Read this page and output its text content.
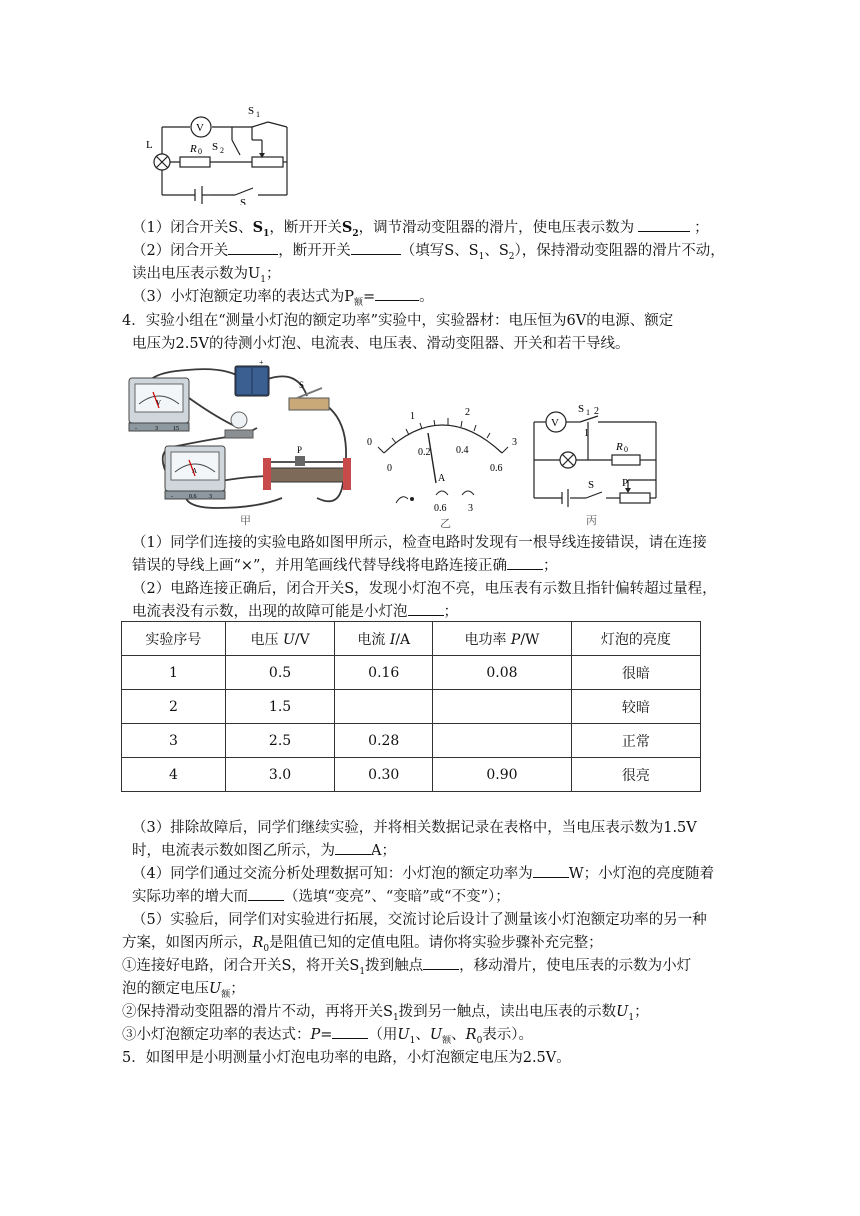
V
L	R 0
S 1
S 2
S
（1）闭合开关S、$S_1$，断开开关$S_2$，调节滑动变阻器的滑片，使电压表示数为	；
（2）闭合开关	，断开开关	（填写S、$S_1$、$S_2$），保持滑动变阻器的滑片不动，
读出电压表示数为$U_1$；
（3）小灯泡额定功率的表达式为$P_额=$	。
4．实验小组在“测量小灯泡的额定功率”实验中，实验器材：电压恒为6V的电源、额定
电压为2.5V的待测小灯泡、电流表、电压表、滑动变阻器、开关和若干导线。
V
-	3	15
+
S
A
-	0.6 3
P
甲
0
1	2
3
0
0.2	0.4
0.6
A
0.6 3
乙
V
R 0
S 1 2
1
S	P
丙
（1）同学们连接的实验电路如图甲所示，检查电路时发现有一根导线连接错误，请在连接
错误的导线上画“×”，并用笔画线代替导线将电路连接正确 ；
（2）电路连接正确后，闭合开关S，发现小灯泡不亮，电压表有示数且指针偏转超过量程，
电流表没有示数，出现的故障可能是小灯泡 ；
实验序号	电压 U/V	电流 I/A	电功率 P/W	灯泡的亮度
1	0.5	0.16	0.08	很暗
2	1.5			较暗
3	2.5	0.28		正常
4	3.0	0.30	0.90	很亮
（3）排除故障后，同学们继续实验，并将相关数据记录在表格中，当电压表示数为1.5V
时，电流表示数如图乙所示，为 A；
（4）同学们通过交流分析处理数据可知：小灯泡的额定功率为 W；小灯泡的亮度随着
实际功率的增大而 （选填“变亮”、“变暗”或“不变”）；
（5）实验后，同学们对实验进行拓展，交流讨论后设计了测量该小灯泡额定功率的另一种
方案，如图丙所示，$R_0$是阻值已知的定值电阻。请你将实验步骤补充完整；
①连接好电路，闭合开关S，将开关$S_1$拨到触点 ，移动滑片，使电压表的示数为小灯
泡的额定电压$U_额$；
②保持滑动变阻器的滑片不动，再将开关$S_1$拨到另一触点，读出电压表的示数$U_1$；
③小灯泡额定功率的表达式：P= （用$U_1$、$U_额$、$R_0$表示）。
5．如图甲是小明测量小灯泡电功率的电路，小灯泡额定电压为2.5V。
